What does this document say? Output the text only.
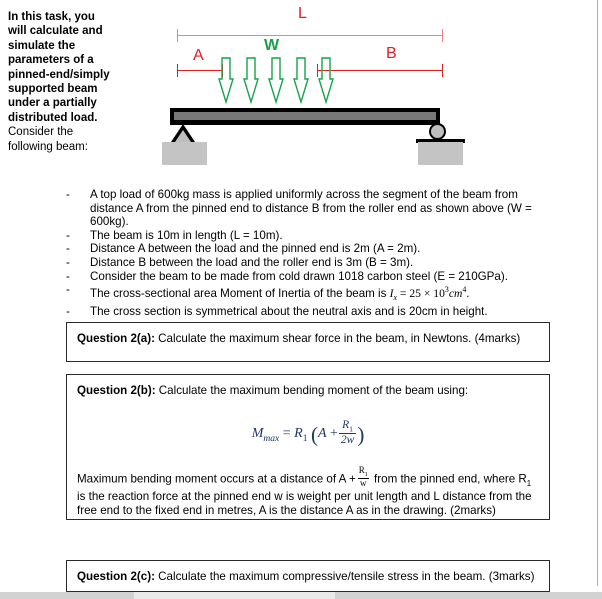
In this task, you will calculate and simulate the parameters of a pinned-end/simply supported beam under a partially distributed load. Consider the following beam:
L
A	B
W
-	A top load of 600kg mass is applied uniformly across the segment of the beam from distance A from the pinned end to distance B from the roller end as shown above (W = 600kg).
-	The beam is 10m in length (L = 10m).
-	Distance A between the load and the pinned end is 2m (A = 2m).
-	Distance B between the load and the roller end is 3m (B = 3m).
-	Consider the beam to be made from cold drawn 1018 carbon steel (E = 210GPa).
-	The cross-sectional area Moment of Inertia of the beam is $I_x = 25 \times 10^3cm^4$.
-	The cross section is symmetrical about the neutral axis and is 20cm in height.
Question 2(a): Calculate the maximum shear force in the beam, in Newtons. (4marks)
Question 2(b): Calculate the maximum bending moment of the beam using:
$M_{max} = R_1$ ($A + \frac{R_1}{2w}$ )
Maximum bending moment occurs at a distance of $A + \frac{R_1}{w}$ from the pinned end, where $R_1$ is the reaction force at the pinned end w is weight per unit length and L distance from the free end to the fixed end in metres, A is the distance A as in the drawing. (2marks)
Question 2(c): Calculate the maximum compressive/tensile stress in the beam. (3marks)
